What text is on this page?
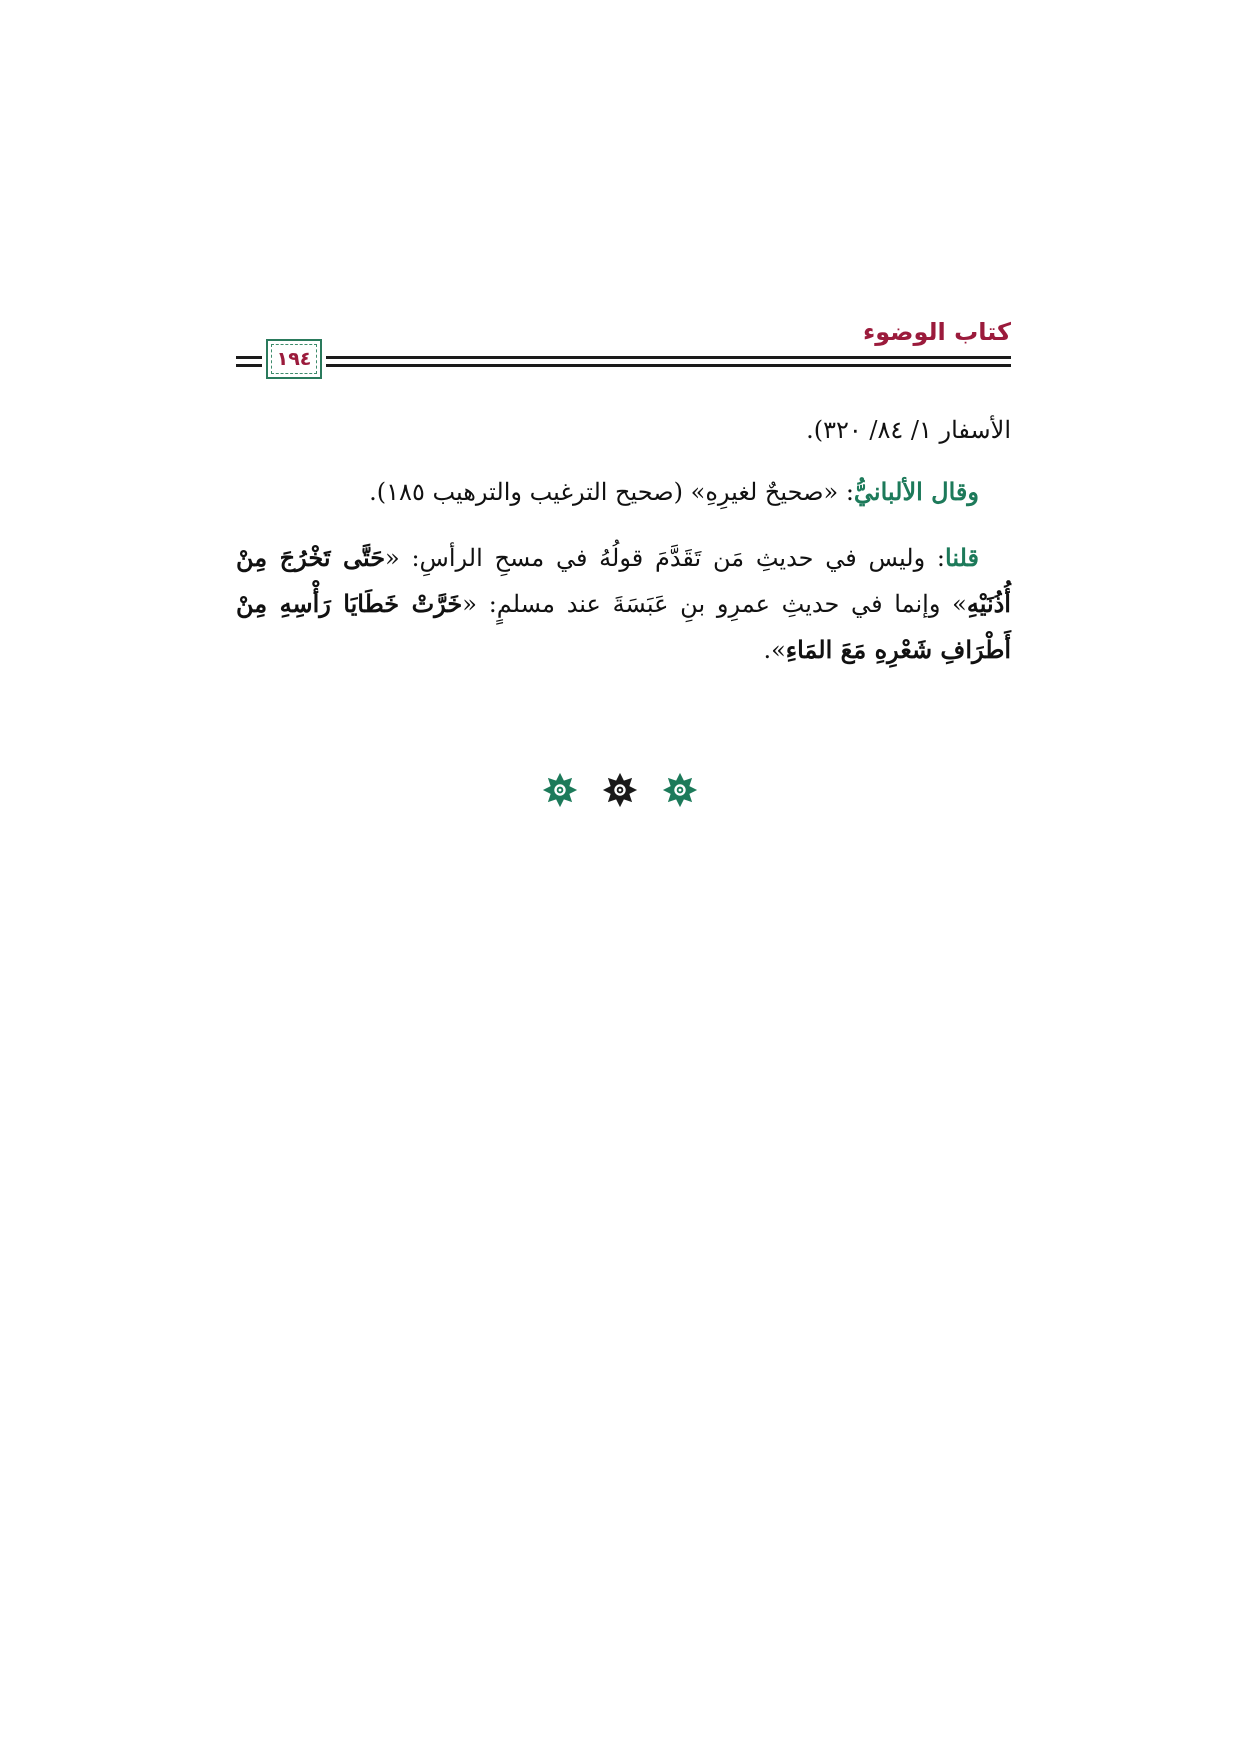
كتاب الوضوء
١٩٤

الأسفار ١/ ٨٤/ ٣٢٠).

وقال الألبانيُّ: «صحيحٌ لغيرِهِ» (صحيح الترغيب والترهيب ١٨٥).

قلنا: وليس في حديثِ مَن تَقَدَّمَ قولُهُ في مسحِ الرأسِ: «حَتَّى تَخْرُجَ مِنْ أُذُنَيْهِ» وإنما في حديثِ عمرِو بنِ عَبَسَةَ عند مسلمٍ: «خَرَّتْ خَطَايَا رَأْسِهِ مِنْ أَطْرَافِ شَعْرِهِ مَعَ المَاءِ».
